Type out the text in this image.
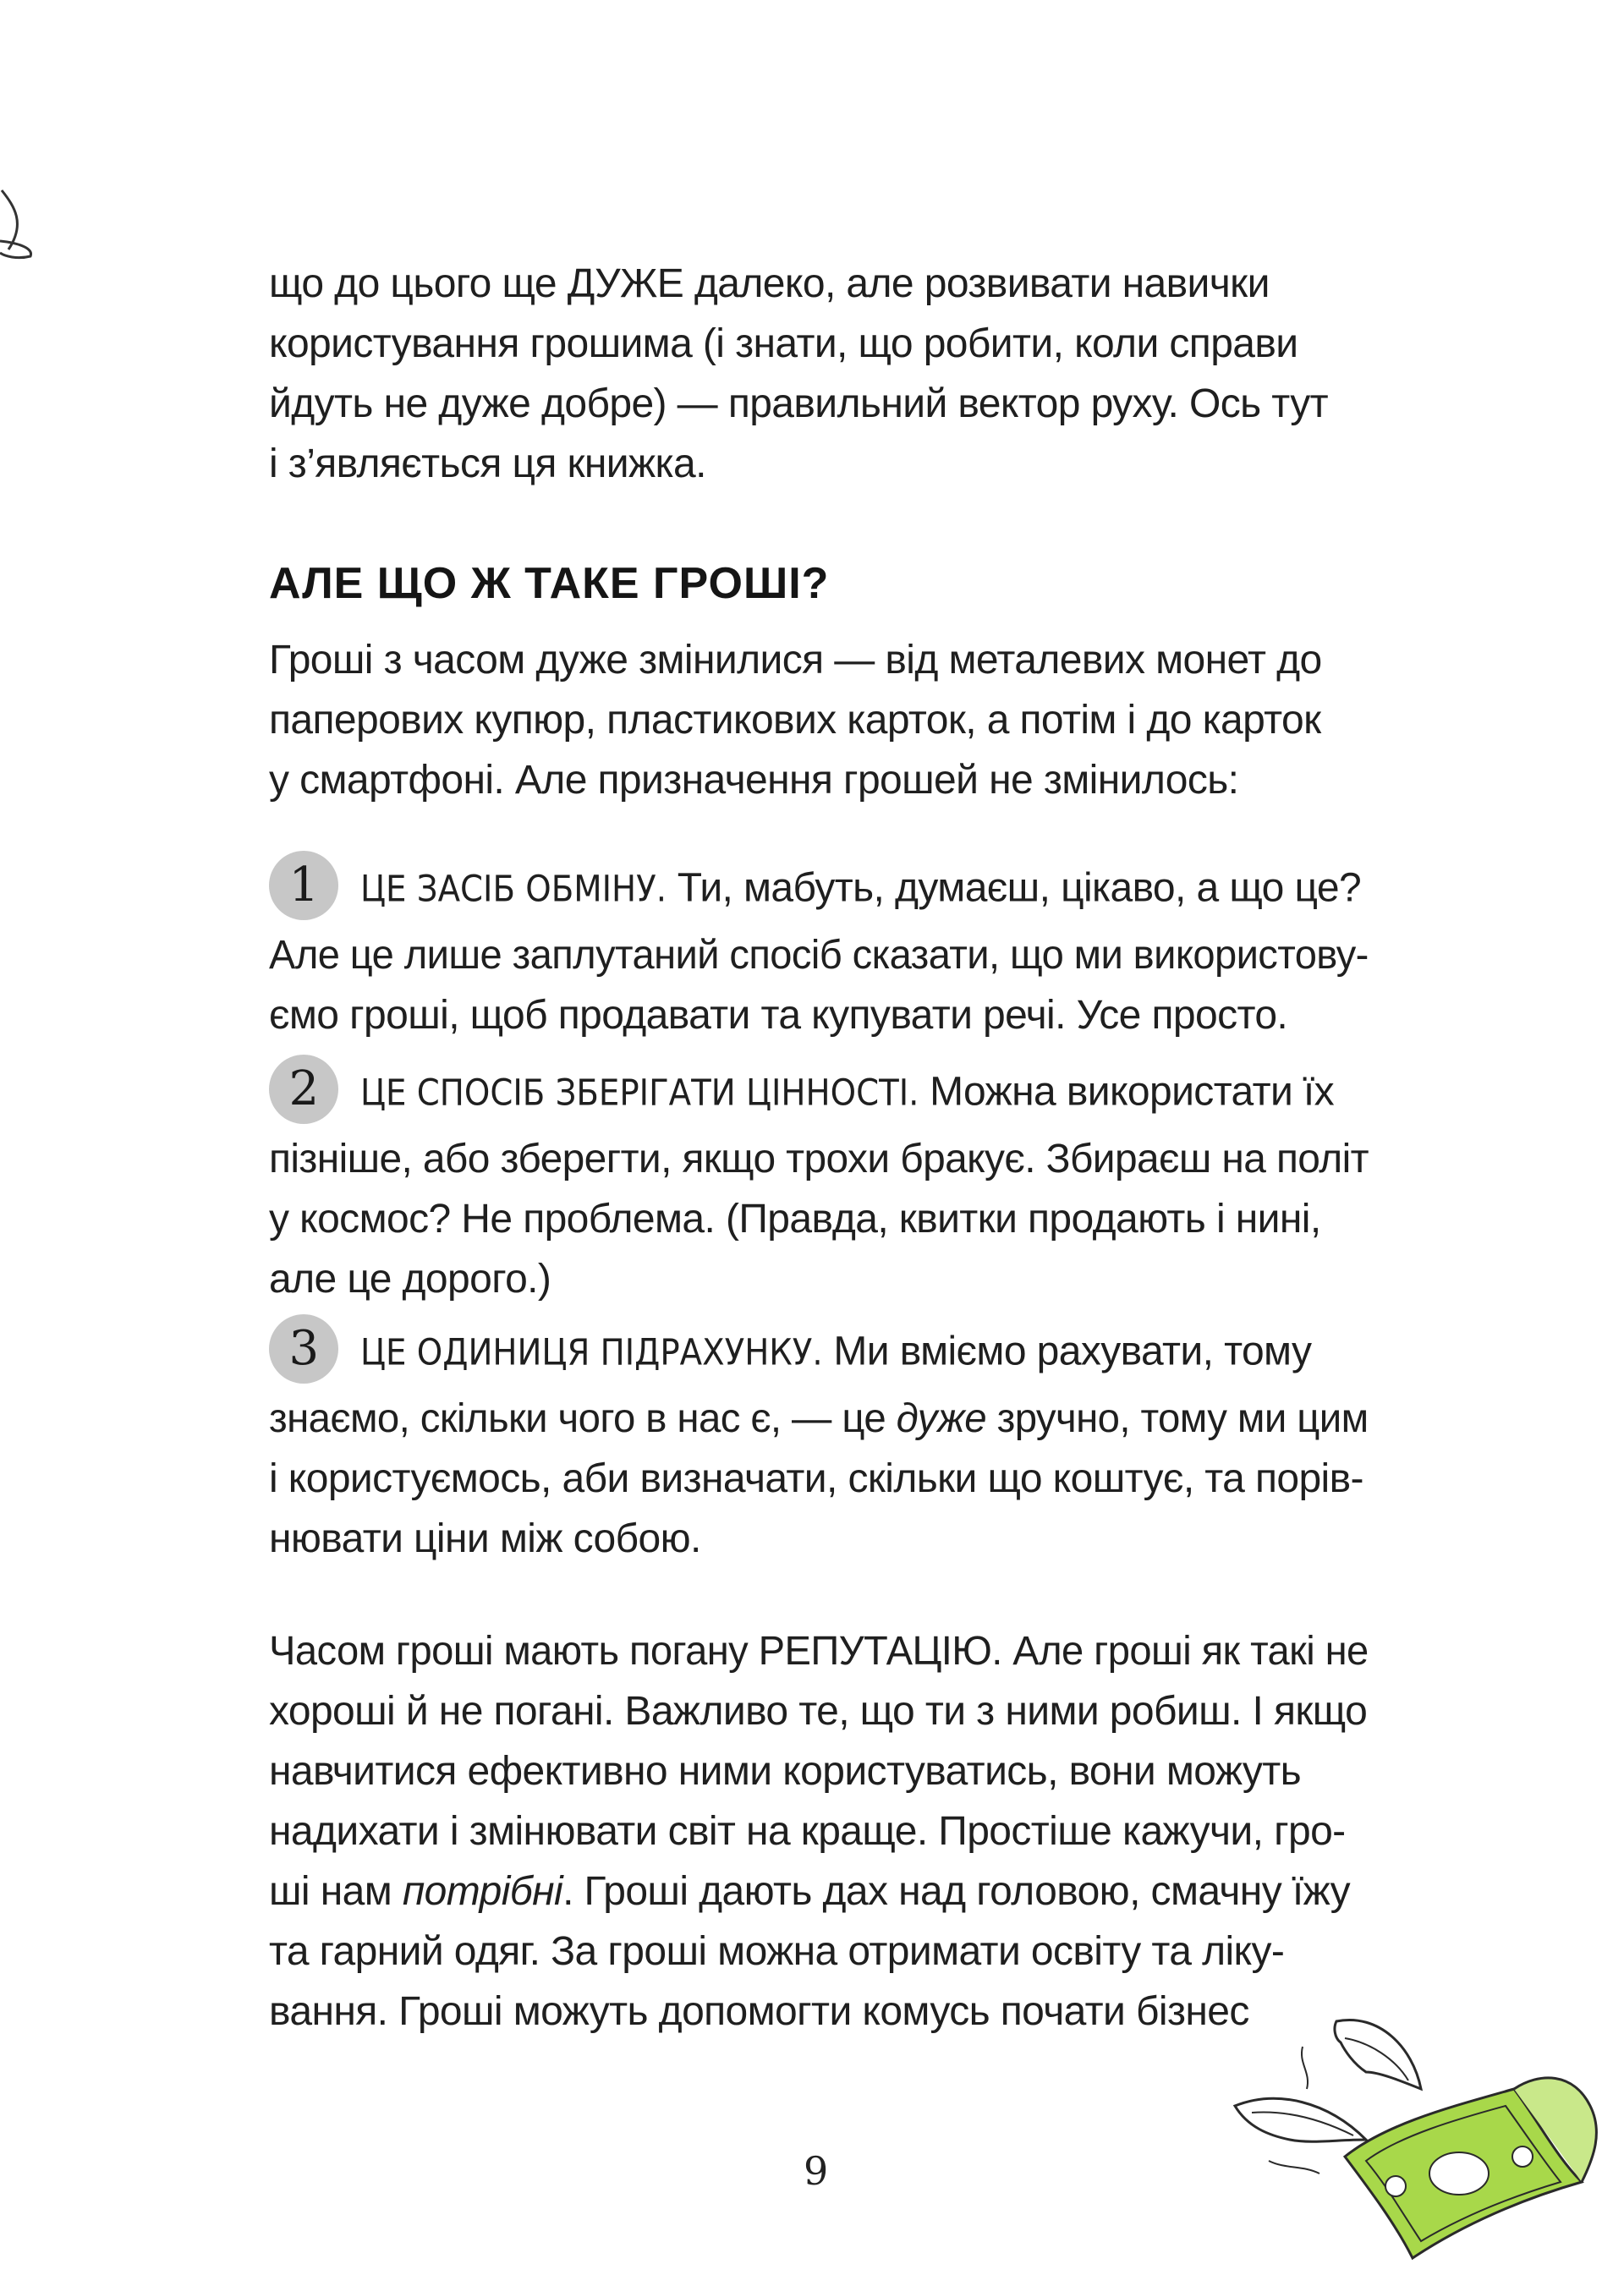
що до цього ще ДУЖЕ далеко, але розвивати навички
користування грошима (і знати, що робити, коли справи
йдуть не дуже добре) — правильний вектор руху. Ось тут
і з’являється ця книжка.
АЛЕ ЩО Ж ТАКЕ ГРОШІ?
Гроші з часом дуже змінилися — від металевих монет до
паперових купюр, пластикових карток, а потім і до карток
у смартфоні. Але призначення грошей не змінилось:
1 ЦЕ ЗАСІБ ОБМІНУ. Ти, мабуть, думаєш, цікаво, а що це?
Але це лише заплутаний спосіб сказати, що ми використову-
ємо гроші, щоб продавати та купувати речі. Усе просто.
2 ЦЕ СПОСІБ ЗБЕРІГАТИ ЦІННОСТІ. Можна використати їх
пізніше, або зберегти, якщо трохи бракує. Збираєш на політ
у космос? Не проблема. (Правда, квитки продають і нині,
але це дорого.)
3 ЦЕ ОДИНИЦЯ ПІДРАХУНКУ. Ми вміємо рахувати, тому
знаємо, скільки чого в нас є, — це дуже зручно, тому ми цим
і користуємось, аби визначати, скільки що коштує, та порів-
нювати ціни між собою.
Часом гроші мають погану РЕПУТАЦІЮ. Але гроші як такі не
хороші й не погані. Важливо те, що ти з ними робиш. І якщо
навчитися ефективно ними користуватись, вони можуть
надихати і змінювати світ на краще. Простіше кажучи, гро-
ші нам потрібні. Гроші дають дах над головою, смачну їжу
та гарний одяг. За гроші можна отримати освіту та ліку-
вання. Гроші можуть допомогти комусь почати бізнес
9
